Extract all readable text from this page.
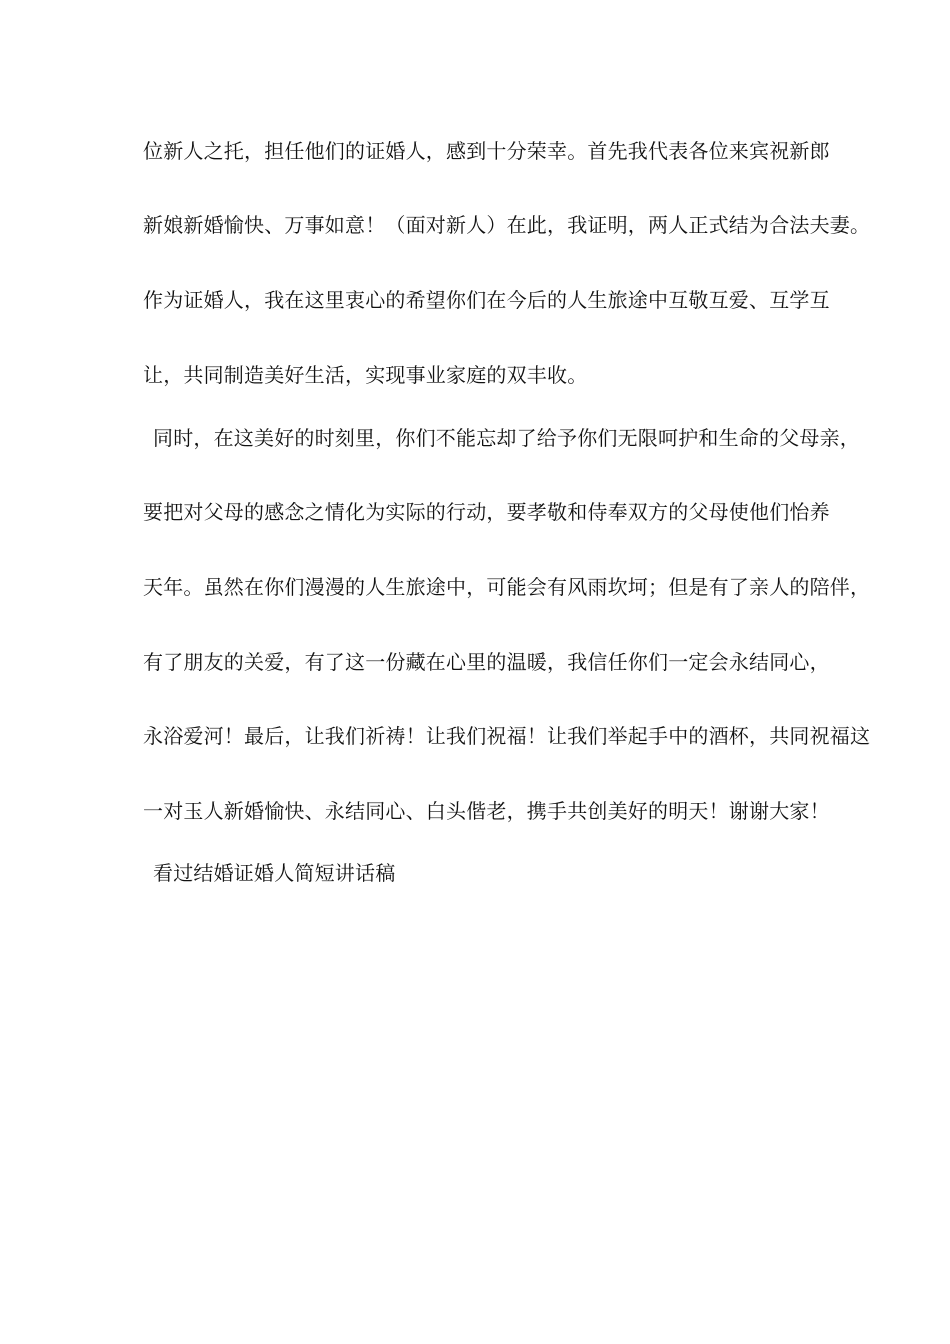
位新人之托，担任他们的证婚人，感到十分荣幸。首先我代表各位来宾祝新郎
新娘新婚愉快、万事如意！（面对新人）在此，我证明，两人正式结为合法夫妻。
作为证婚人，我在这里衷心的希望你们在今后的人生旅途中互敬互爱、互学互
让，共同制造美好生活，实现事业家庭的双丰收。
同时，在这美好的时刻里，你们不能忘却了给予你们无限呵护和生命的父母亲，
要把对父母的感念之情化为实际的行动，要孝敬和侍奉双方的父母使他们怡养
天年。虽然在你们漫漫的人生旅途中，可能会有风雨坎坷；但是有了亲人的陪伴，
有了朋友的关爱，有了这一份藏在心里的温暖，我信任你们一定会永结同心，
永浴爱河！最后，让我们祈祷！让我们祝福！让我们举起手中的酒杯，共同祝福这
一对玉人新婚愉快、永结同心、白头偕老，携手共创美好的明天！谢谢大家！
看过结婚证婚人简短讲话稿
